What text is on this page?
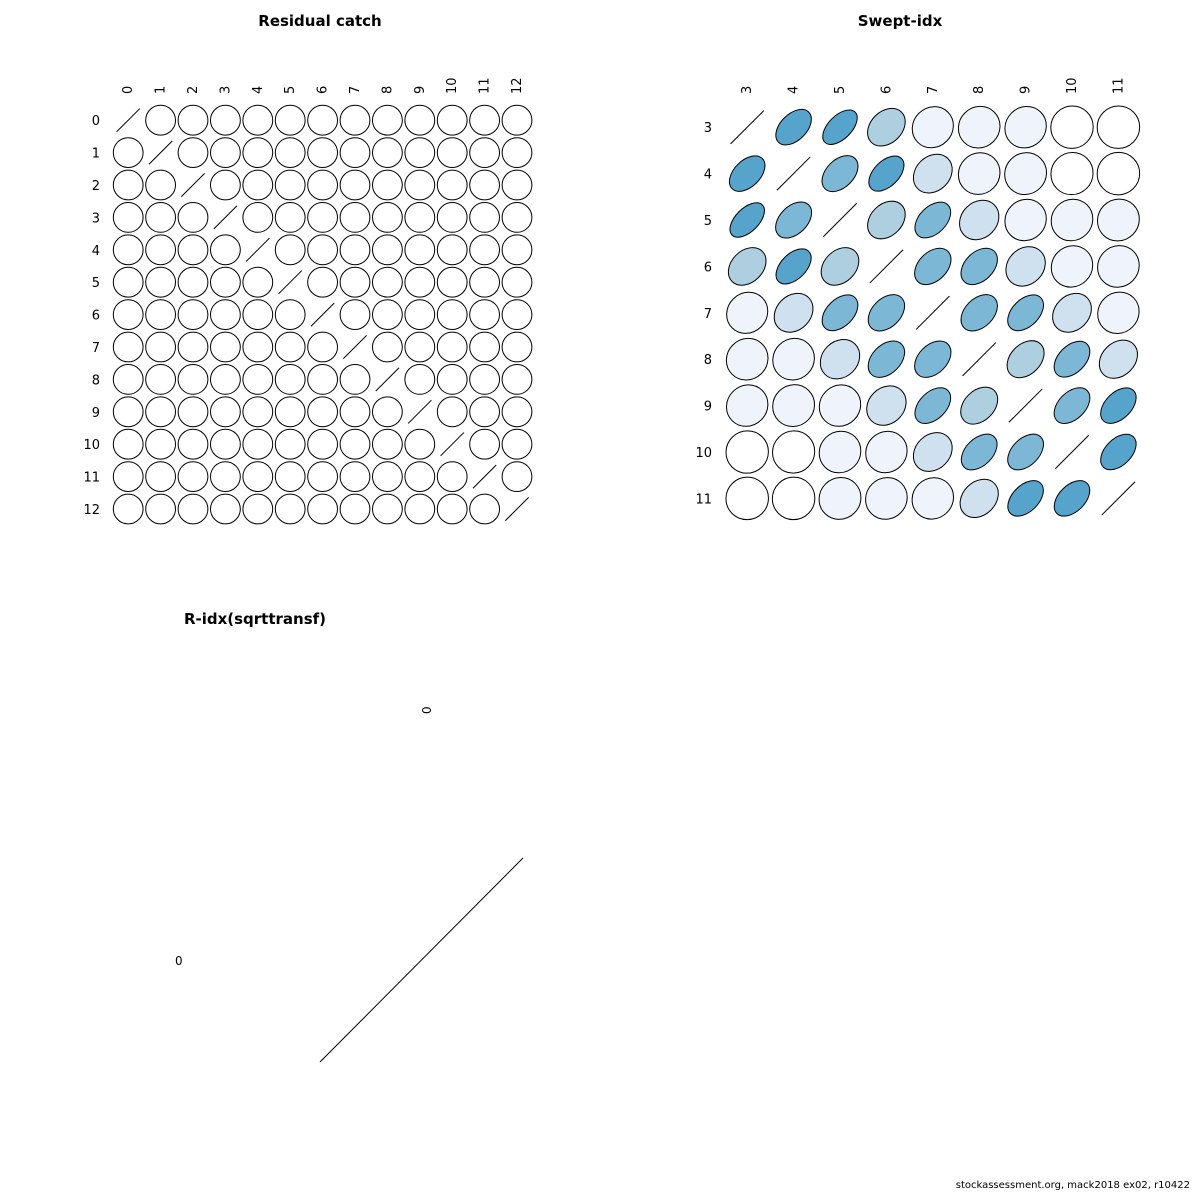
Residual catch
0 1 2 3 4 5 6 7 8 9 10 11 12
0
1
2
3
4
5
6
7
8
9
10
11
12
Swept-idx
3 4 5 6 7 8 9 10 11
3
4
5
6
7
8
9
10
11
R-idx(sqrttransf)
0
0
stockassessment.org, mack2018 ex02, r10422
